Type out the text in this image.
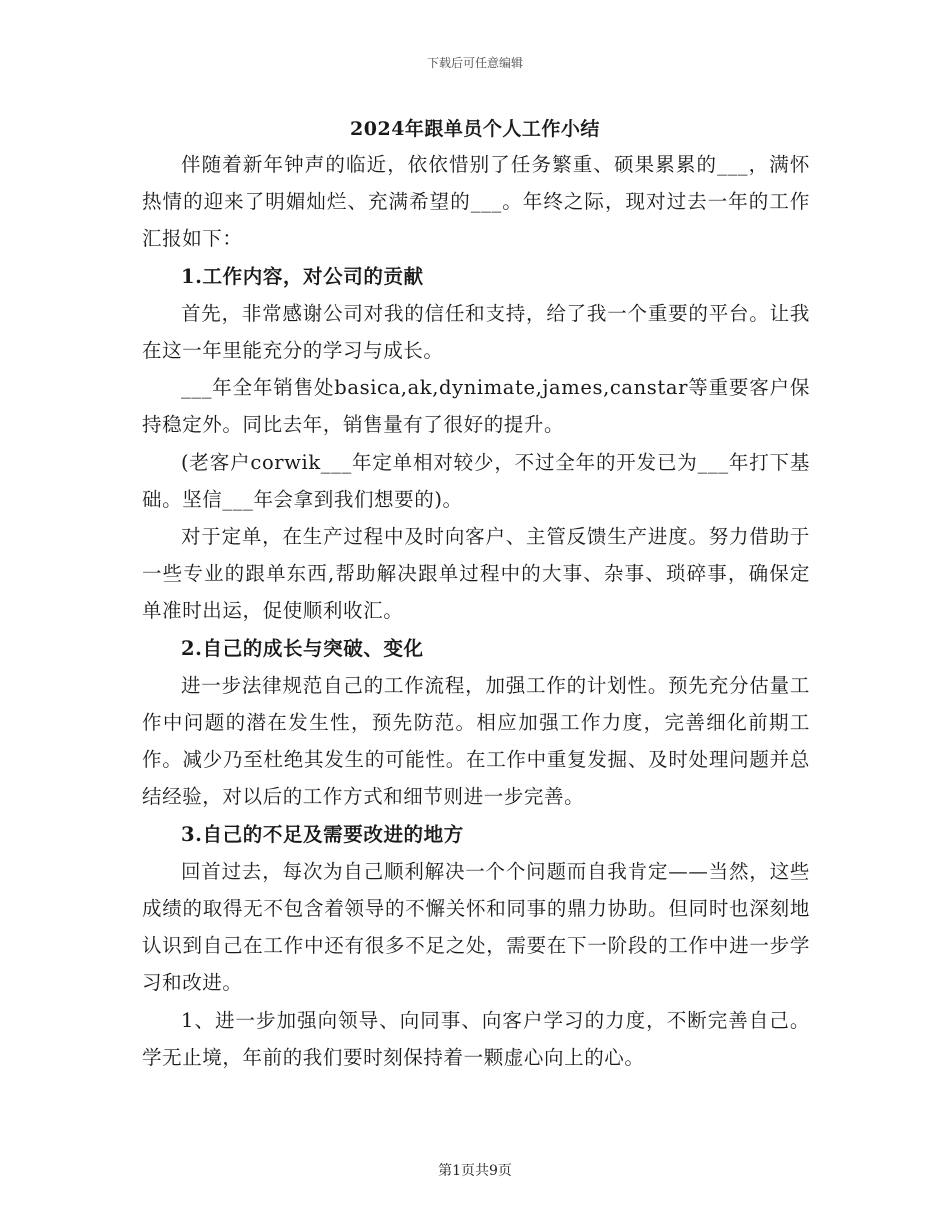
下载后可任意编辑
2024年跟单员个人工作小结

伴随着新年钟声的临近，依依惜别了任务繁重、硕果累累的___，满怀热情的迎来了明媚灿烂、充满希望的___。年终之际，现对过去一年的工作汇报如下：

1.工作内容，对公司的贡献

首先，非常感谢公司对我的信任和支持，给了我一个重要的平台。让我在这一年里能充分的学习与成长。

___年全年销售处basica,ak,dynimate,james,canstar等重要客户保持稳定外。同比去年，销售量有了很好的提升。

(老客户corwik___年定单相对较少，不过全年的开发已为___年打下基础。坚信___年会拿到我们想要的)。

对于定单，在生产过程中及时向客户、主管反馈生产进度。努力借助于一些专业的跟单东西,帮助解决跟单过程中的大事、杂事、琐碎事，确保定单准时出运，促使顺利收汇。

2.自己的成长与突破、变化

进一步法律规范自己的工作流程，加强工作的计划性。预先充分估量工作中问题的潜在发生性，预先防范。相应加强工作力度，完善细化前期工作。减少乃至杜绝其发生的可能性。在工作中重复发掘、及时处理问题并总结经验，对以后的工作方式和细节则进一步完善。

3.自己的不足及需要改进的地方

回首过去，每次为自己顺利解决一个个问题而自我肯定——当然，这些成绩的取得无不包含着领导的不懈关怀和同事的鼎力协助。但同时也深刻地认识到自己在工作中还有很多不足之处，需要在下一阶段的工作中进一步学习和改进。

1、进一步加强向领导、向同事、向客户学习的力度，不断完善自己。学无止境，年前的我们要时刻保持着一颗虚心向上的心。

第1页共9页
